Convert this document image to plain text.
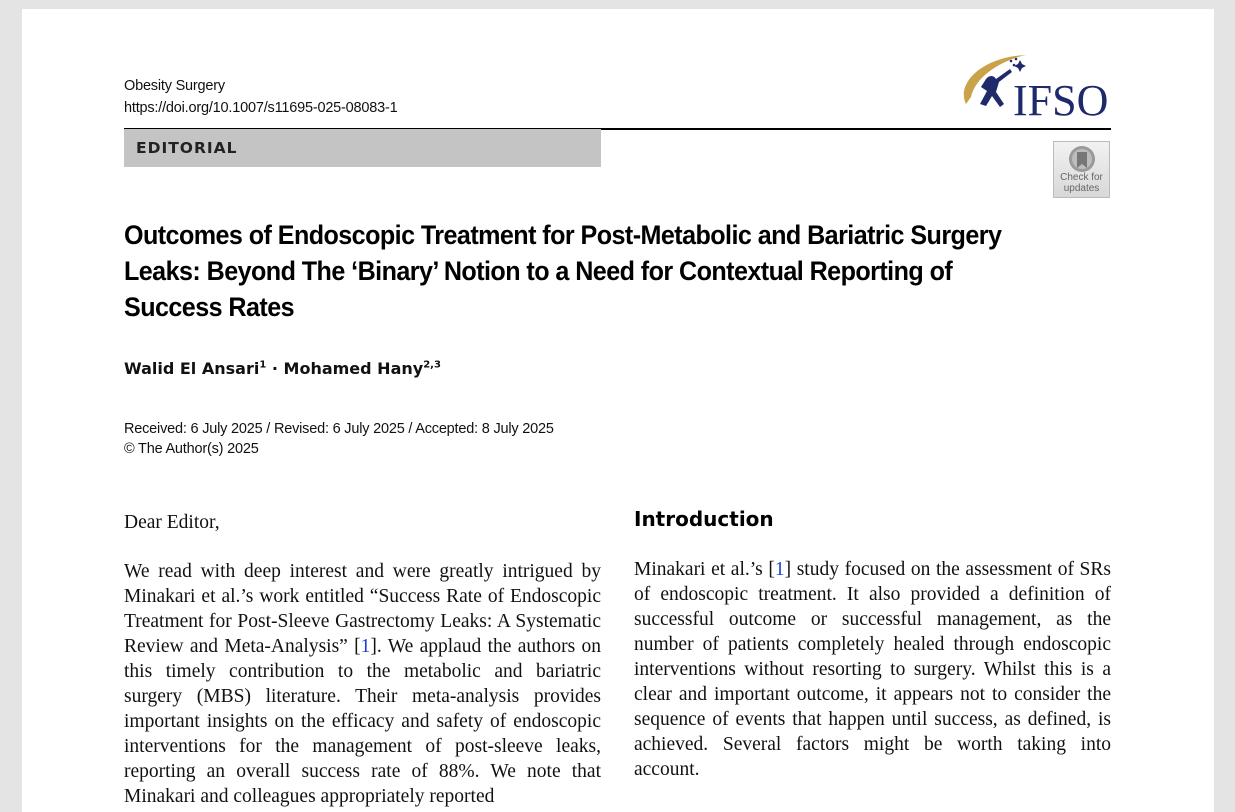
Obesity Surgery
https://doi.org/10.1007/s11695-025-08083-1	IFSO
EDITORIAL
Check for
updates
Outcomes of Endoscopic Treatment for Post-Metabolic and Bariatric Surgery Leaks: Beyond The ‘Binary’ Notion to a Need for Contextual Reporting of Success Rates
Walid El Ansari$^1$ · Mohamed Hany$^{2,3}$
Received: 6 July 2025 / Revised: 6 July 2025 / Accepted: 8 July 2025
© The Author(s) 2025

Dear Editor,

We read with deep interest and were greatly intrigued by Minakari et al.’s work entitled “Success Rate of Endoscopic Treatment for Post-Sleeve Gastrectomy Leaks: A Systematic Review and Meta-Analysis” [1]. We applaud the authors on this timely contribution to the metabolic and bariatric surgery (MBS) literature. Their meta-analysis provides important insights on the efficacy and safety of endoscopic interventions for the management of post-sleeve leaks, reporting an overall success rate of 88%. We note that Minakari and colleagues appropriately reported

Introduction

Minakari et al.’s [1] study focused on the assessment of SRs of endoscopic treatment. It also provided a definition of successful outcome or successful management, as the number of patients completely healed through endoscopic interventions without resorting to surgery. Whilst this is a clear and important outcome, it appears not to consider the sequence of events that happen until success, as defined, is achieved. Several factors might be worth taking into account.
